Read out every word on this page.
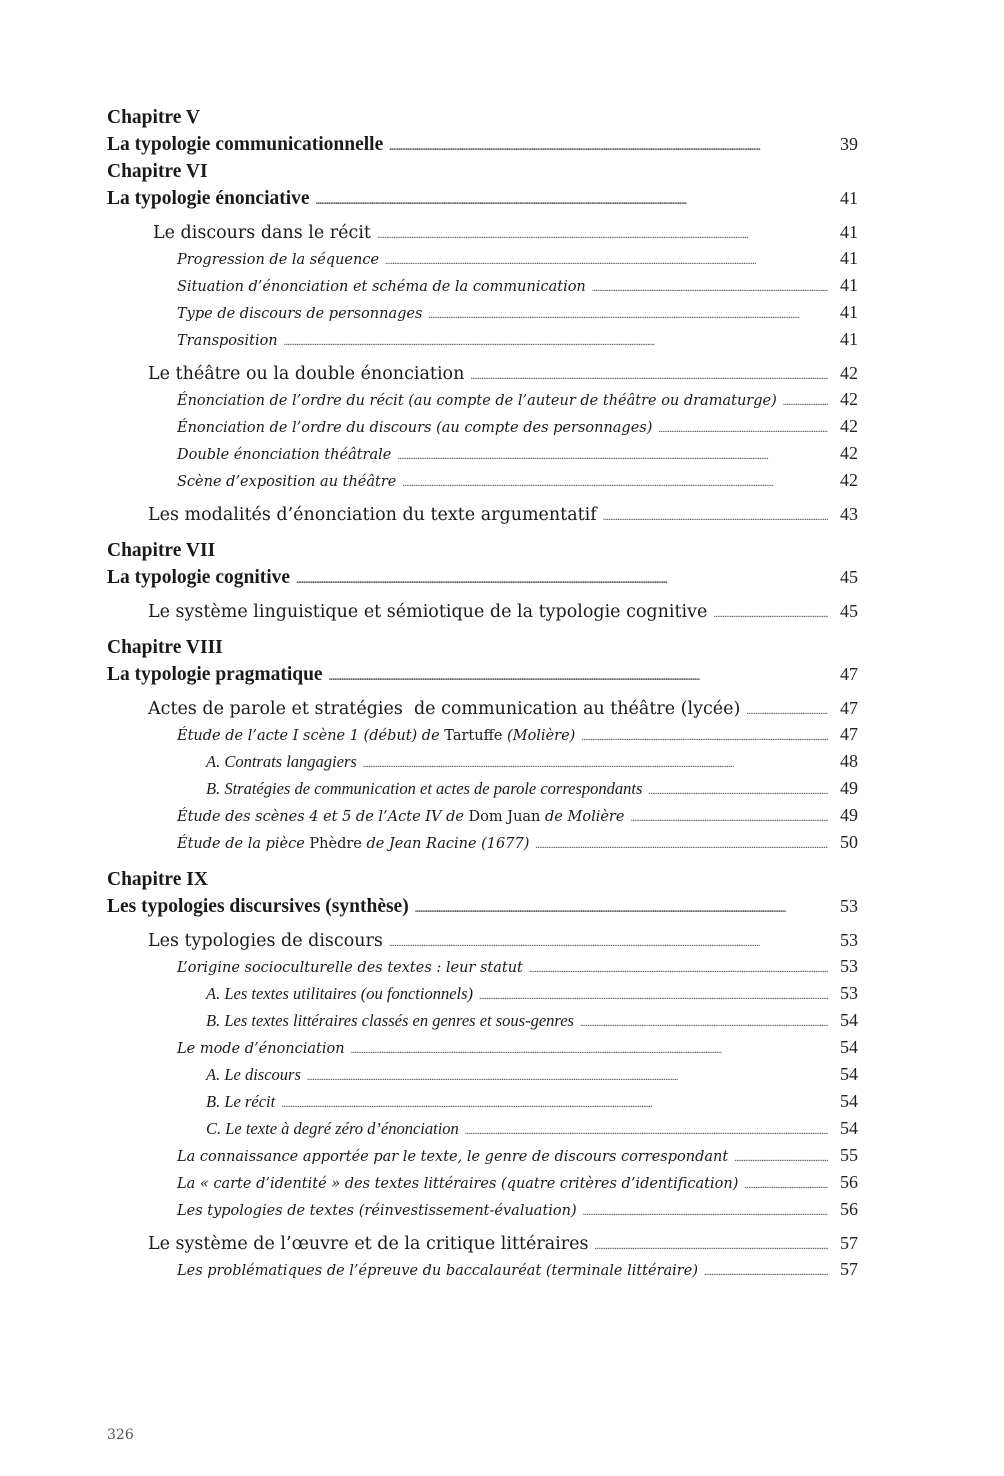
Chapitre V
La typologie communicationnelle . . .	39
Chapitre VI
La typologie énonciative . . .	41
Le discours dans le récit . . .	41
Progression de la séquence . . .	41
Situation d’énonciation et schéma de la communication . . .	41
Type de discours de personnages . . .	41
Transposition . . .	41
Le théâtre ou la double énonciation . . .	42
Énonciation de l’ordre du récit (au compte de l’auteur de théâtre ou dramaturge) . . .	42
Énonciation de l’ordre du discours (au compte des personnages) . . .	42
Double énonciation théâtrale . . .	42
Scène d’exposition au théâtre . . .	42
Les modalités d’énonciation du texte argumentatif . . .	43
Chapitre VII
La typologie cognitive . . .	45
Le système linguistique et sémiotique de la typologie cognitive . . .	45
Chapitre VIII
La typologie pragmatique . . .	47
Actes de parole et stratégies  de communication au théâtre (lycée) . . .	47
Étude de l’acte I scène 1 (début) de Tartuffe (Molière) . . .	47
A. Contrats langagiers . . .	48
B. Stratégies de communication et actes de parole correspondants . . .	49
Étude des scènes 4 et 5 de l’Acte IV de Dom Juan de Molière . . .	49
Étude de la pièce Phèdre de Jean Racine (1677) . . .	50
Chapitre IX
Les typologies discursives (synthèse) . . .	53
Les typologies de discours . . .	53
L’origine socioculturelle des textes : leur statut . . .	53
A. Les textes utilitaires (ou fonctionnels) . . .	53
B. Les textes littéraires classés en genres et sous-genres . . .	54
Le mode d’énonciation . . .	54
A. Le discours . . .	54
B. Le récit . . .	54
C. Le texte à degré zéro d’énonciation . . .	54
La connaissance apportée par le texte, le genre de discours correspondant . . .	55
La « carte d’identité » des textes littéraires (quatre critères d’identification) . . .	56
Les typologies de textes (réinvestissement-évaluation) . . .	56
Le système de l’œuvre et de la critique littéraires . . .	57
Les problématiques de l’épreuve du baccalauréat (terminale littéraire) . . .	57
326
